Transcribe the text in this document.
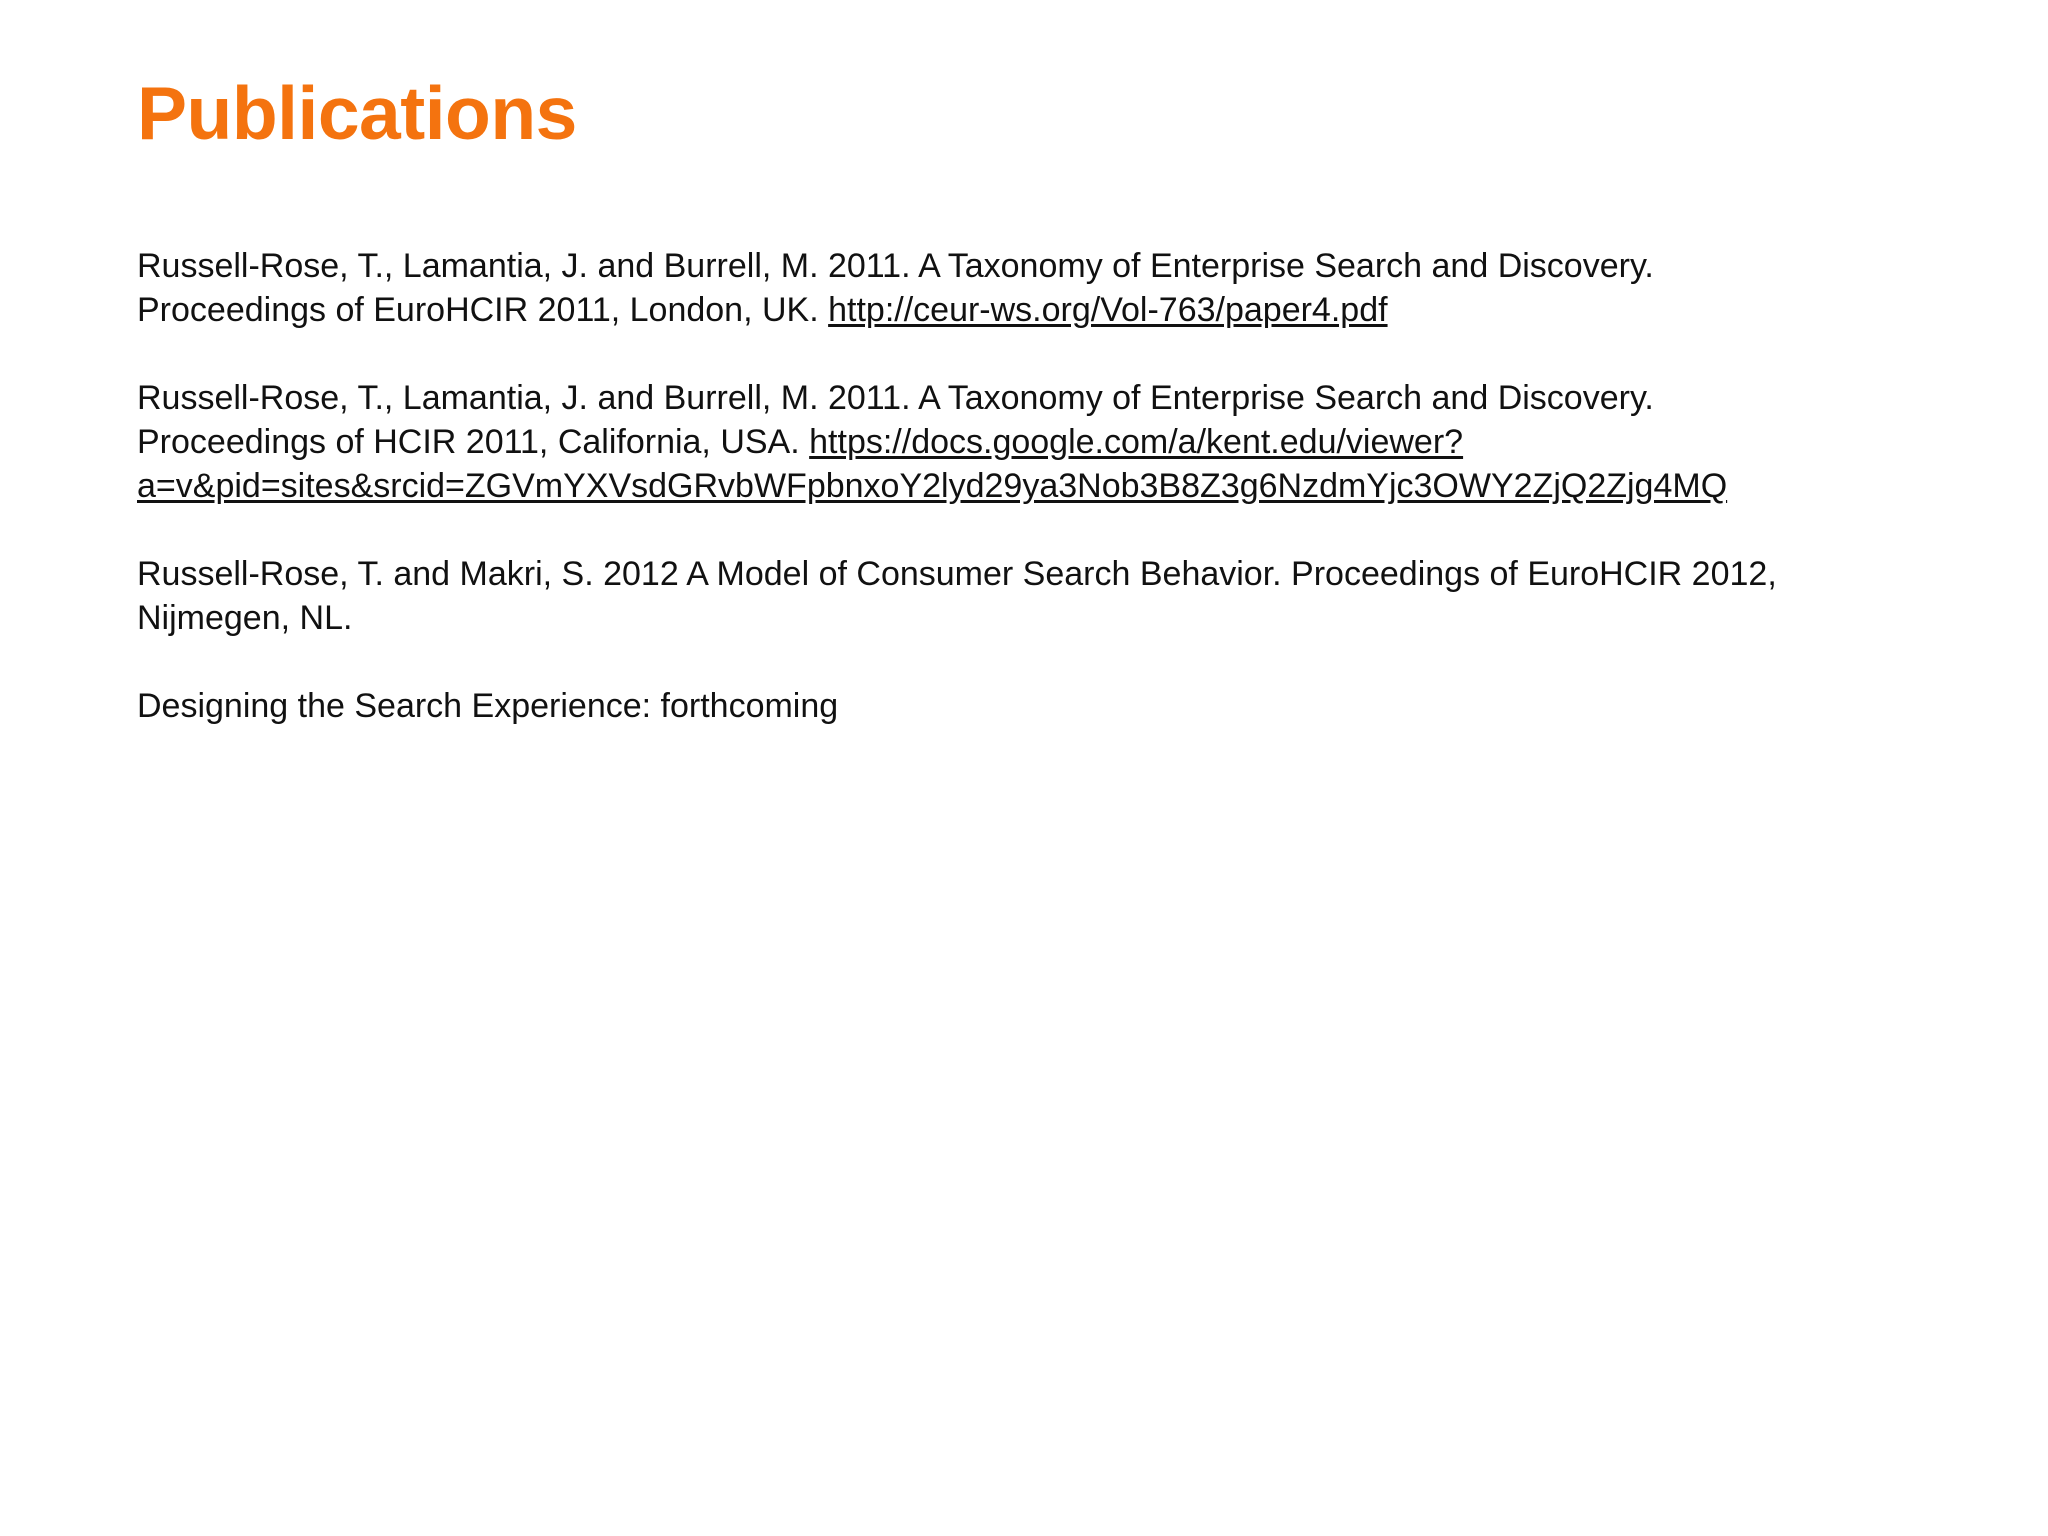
Publications

Russell-Rose, T., Lamantia, J. and Burrell, M. 2011. A Taxonomy of Enterprise Search and Discovery.
Proceedings of EuroHCIR 2011, London, UK. http://ceur-ws.org/Vol-763/paper4.pdf

Russell-Rose, T., Lamantia, J. and Burrell, M. 2011. A Taxonomy of Enterprise Search and Discovery.
Proceedings of HCIR 2011, California, USA. https://docs.google.com/a/kent.edu/viewer?
a=v&pid=sites&srcid=ZGVmYXVsdGRvbWFpbnxoY2lyd29ya3Nob3B8Z3g6NzdmYjc3OWY2ZjQ2Zjg4MQ

Russell-Rose, T. and Makri, S. 2012 A Model of Consumer Search Behavior. Proceedings of EuroHCIR 2012,
Nijmegen, NL.

Designing the Search Experience: forthcoming
